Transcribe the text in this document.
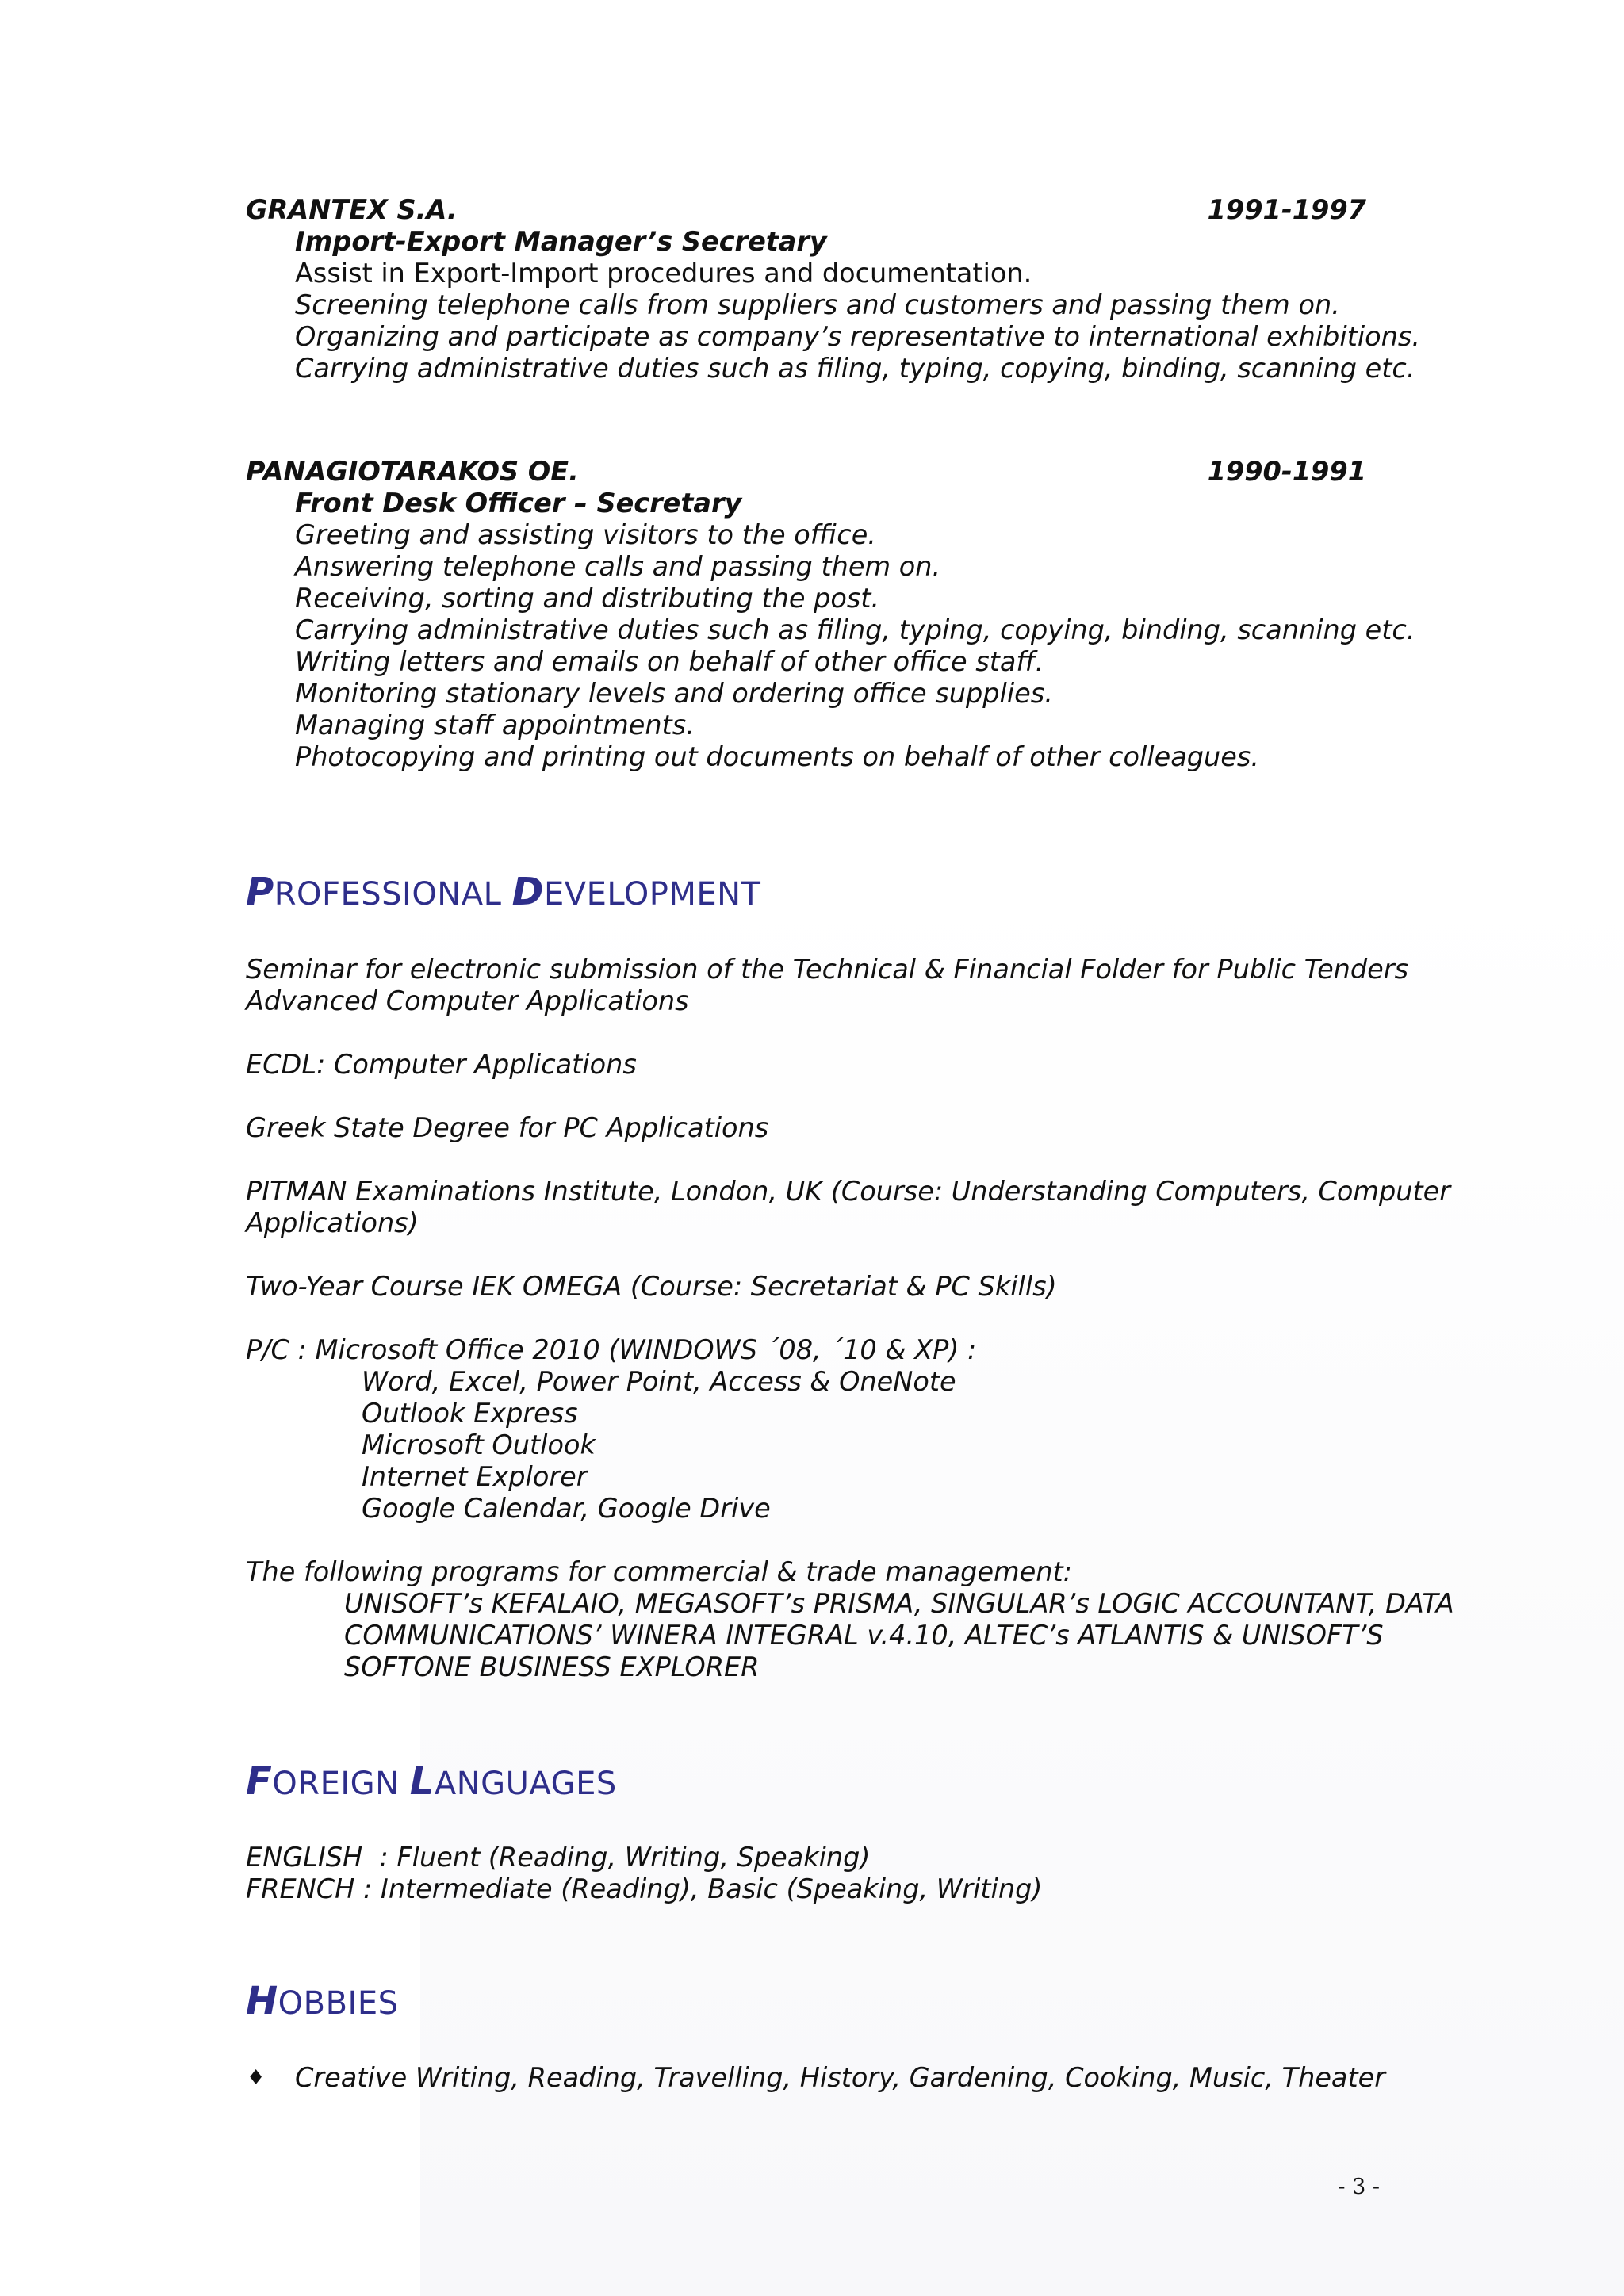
GRANTEX S.A.	1991-1997
Import-Export Manager’s Secretary
Assist in Export-Import procedures and documentation.
Screening telephone calls from suppliers and customers and passing them on.
Organizing and participate as company’s representative to international exhibitions.
Carrying administrative duties such as filing, typing, copying, binding, scanning etc.
PANAGIOTARAKOS OE.	1990-1991
Front Desk Officer – Secretary
Greeting and assisting visitors to the office.
Answering telephone calls and passing them on.
Receiving, sorting and distributing the post.
Carrying administrative duties such as filing, typing, copying, binding, scanning etc.
Writing letters and emails on behalf of other office staff.
Monitoring stationary levels and ordering office supplies.
Managing staff appointments.
Photocopying and printing out documents on behalf of other colleagues.
PROFESSIONAL DEVELOPMENT
Seminar for electronic submission of the Technical & Financial Folder for Public Tenders
Advanced Computer Applications
ECDL: Computer Applications
Greek State Degree for PC Applications
PITMAN Examinations Institute, London, UK (Course: Understanding Computers, Computer
Applications)
Two-Year Course IEK OMEGA (Course: Secretariat & PC Skills)
P/C : Microsoft Office 2010 (WINDOWS ΄08, ΄10 & XP) :
Word, Excel, Power Point, Access & OneNote
Outlook Express
Microsoft Outlook
Internet Explorer
Google Calendar, Google Drive
The following programs for commercial & trade management:
UNISOFT’s KEFALAIO, MEGASOFT’s PRISMA, SINGULAR’s LOGIC ACCOUNTANT, DATA
COMMUNICATIONS’ WINERA INTEGRAL v.4.10, ALTEC’s ATLANTIS & UNISOFT’S
SOFTONE BUSINESS EXPLORER
FOREIGN LANGUAGES
ENGLISH  : Fluent (Reading, Writing, Speaking)
FRENCH : Intermediate (Reading), Basic (Speaking, Writing)
HOBBIES
♦ Creative Writing, Reading, Travelling, History, Gardening, Cooking, Music, Theater
- 3 -
